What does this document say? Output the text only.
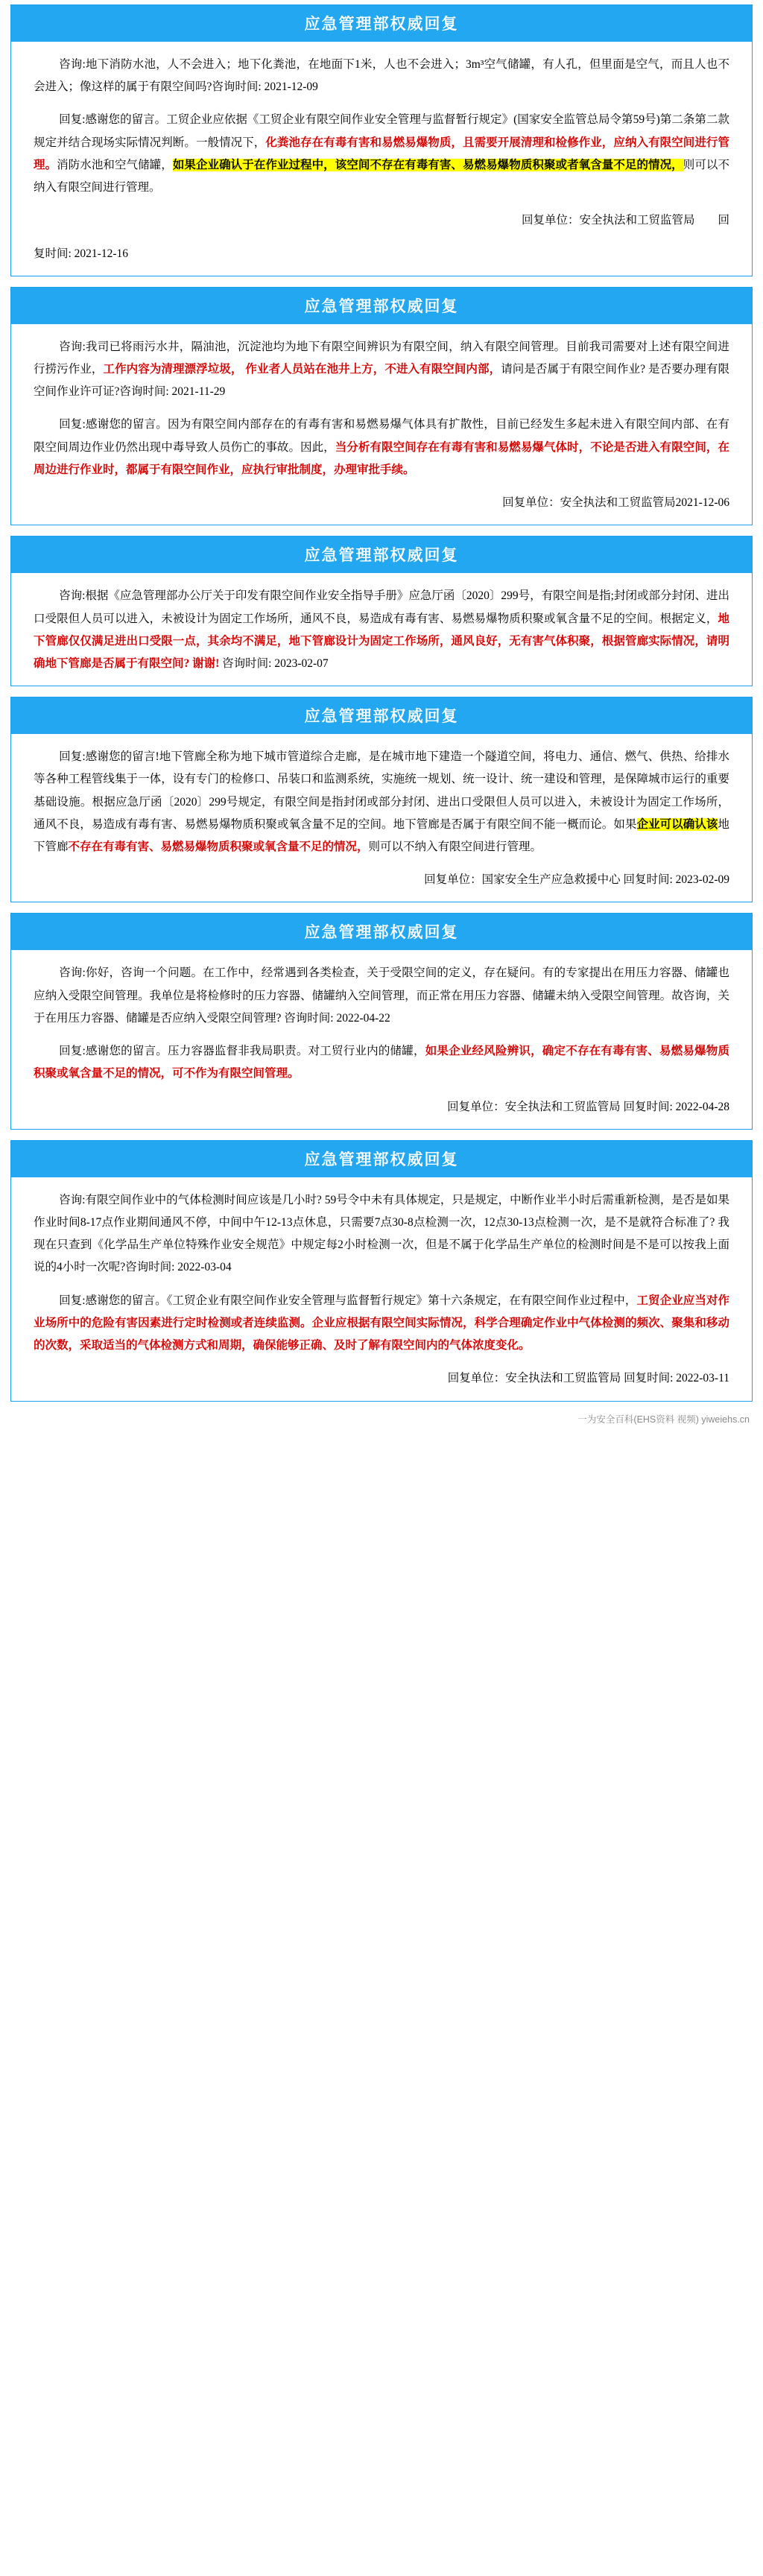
应急管理部权威回复

咨询:地下消防水池，人不会进入；地下化粪池，在地面下1米，人也不会进入；3m³空气储罐，有人孔，但里面是空气，而且人也不会进入；像这样的属于有限空间吗?咨询时间: 2021-12-09

回复:感谢您的留言。工贸企业应依据《工贸企业有限空间作业安全管理与监督暂行规定》(国家安全监管总局令第59号)第二条第二款规定并结合现场实际情况判断。一般情况下，化粪池存在有毒有害和易燃易爆物质，且需要开展清理和检修作业，应纳入有限空间进行管理。消防水池和空气储罐，如果企业确认于在作业过程中，该空间不存在有毒有害、易燃易爆物质积聚或者氧含量不足的情况，则可以不纳入有限空间进行管理。

回复单位：安全执法和工贸监管局　　回

复时间: 2021-12-16

应急管理部权威回复

咨询:我司已将雨污水井，隔油池，沉淀池均为地下有限空间辨识为有限空间，纳入有限空间管理。目前我司需要对上述有限空间进行捞污作业，工作内容为清理漂浮垃圾， 作业者人员站在池井上方，不进入有限空间内部，请问是否属于有限空间作业? 是否要办理有限空间作业许可证?咨询时间: 2021-11-29

回复:感谢您的留言。因为有限空间内部存在的有毒有害和易燃易爆气体具有扩散性，目前已经发生多起未进入有限空间内部、在有限空间周边作业仍然出现中毒导致人员伤亡的事故。因此，当分析有限空间存在有毒有害和易燃易爆气体时，不论是否进入有限空间，在周边进行作业时，都属于有限空间作业，应执行审批制度，办理审批手续。

回复单位：安全执法和工贸监管局2021-12-06

应急管理部权威回复

咨询:根据《应急管理部办公厅关于印发有限空间作业安全指导手册》应急厅函〔2020〕299号，有限空间是指;封闭或部分封闭、进出口受限但人员可以进入，未被设计为固定工作场所，通风不良，易造成有毒有害、易燃易爆物质积聚或氧含量不足的空间。根据定义，地下管廊仅仅满足进出口受限一点，其余均不满足，地下管廊设计为固定工作场所，通风良好，无有害气体积聚，根据管廊实际情况，请明确地下管廊是否属于有限空间? 谢谢! 咨询时间: 2023-02-07

应急管理部权威回复

回复:感谢您的留言!地下管廊全称为地下城市管道综合走廊，是在城市地下建造一个隧道空间，将电力、通信、燃气、供热、给排水等各种工程管线集于一体，设有专门的检修口、吊装口和监测系统，实施统一规划、统一设计、统一建设和管理，是保障城市运行的重要基础设施。根据应急厅函〔2020〕299号规定，有限空间是指封闭或部分封闭、进出口受限但人员可以进入，未被设计为固定工作场所，通风不良，易造成有毒有害、易燃易爆物质积聚或氧含量不足的空间。地下管廊是否属于有限空间不能一概而论。如果企业可以确认该地下管廊不存在有毒有害、易燃易爆物质积聚或氧含量不足的情况，则可以不纳入有限空间进行管理。

回复单位：国家安全生产应急救援中心 回复时间: 2023-02-09

应急管理部权威回复

咨询:你好，咨询一个问题。在工作中，经常遇到各类检查，关于受限空间的定义，存在疑问。有的专家提出在用压力容器、储罐也应纳入受限空间管理。我单位是将检修时的压力容器、储罐纳入空间管理，而正常在用压力容器、储罐未纳入受限空间管理。故咨询，关于在用压力容器、储罐是否应纳入受限空间管理? 咨询时间: 2022-04-22

回复:感谢您的留言。压力容器监督非我局职责。对工贸行业内的储罐，如果企业经风险辨识，确定不存在有毒有害、易燃易爆物质积聚或氧含量不足的情况，可不作为有限空间管理。

回复单位：安全执法和工贸监管局 回复时间: 2022-04-28

应急管理部权威回复

咨询:有限空间作业中的气体检测时间应该是几小时? 59号令中未有具体规定，只是规定，中断作业半小时后需重新检测，是否是如果作业时间8-17点作业期间通风不停，中间中午12-13点休息，只需要7点30-8点检测一次，12点30-13点检测一次，是不是就符合标准了? 我现在只查到《化学品生产单位特殊作业安全规范》中规定每2小时检测一次，但是不属于化学品生产单位的检测时间是不是可以按我上面说的4小时一次呢?咨询时间: 2022-03-04

回复:感谢您的留言。《工贸企业有限空间作业安全管理与监督暂行规定》第十六条规定，在有限空间作业过程中，工贸企业应当对作业场所中的危险有害因素进行定时检测或者连续监测。企业应根据有限空间实际情况，科学合理确定作业中气体检测的频次、聚集和移动的次数，采取适当的气体检测方式和周期，确保能够正确、及时了解有限空间内的气体浓度变化。

回复单位：安全执法和工贸监管局 回复时间: 2022-03-11

一为安全百科(EHS资料 视频) yiweiehs.cn
